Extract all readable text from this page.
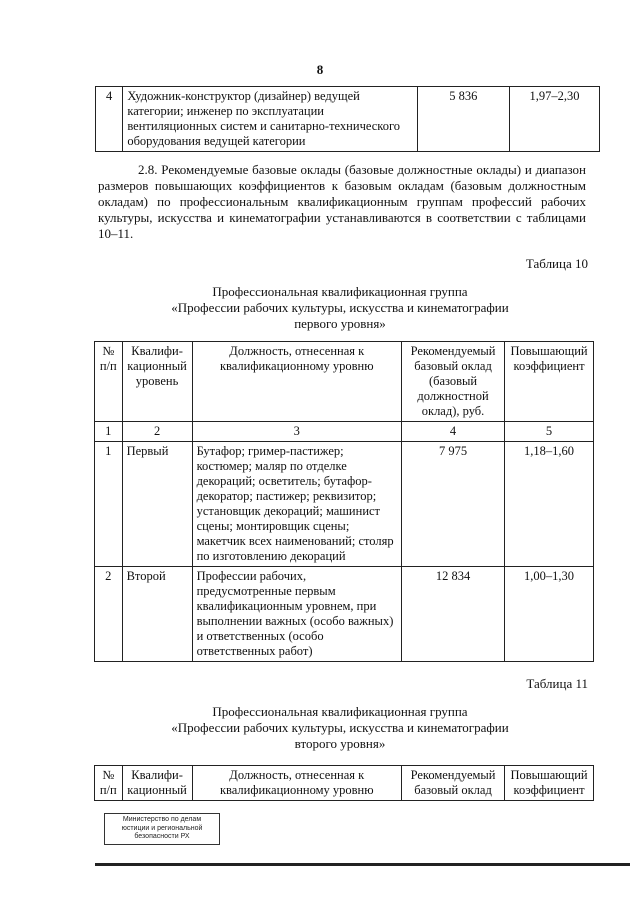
8
4	Художник-конструктор (дизайнер) ведущей категории; инженер по эксплуатации вентиляционных систем и санитарно-технического оборудования ведущей категории	5 836	1,97–2,30

2.8. Рекомендуемые базовые оклады (базовые должностные оклады) и диапазон размеров повышающих коэффициентов к базовым окладам (базовым должностным окладам) по профессиональным квалификационным группам профессий рабочих культуры, искусства и кинематографии устанавливаются в соответствии с таблицами 10–11.

Таблица 10
Профессиональная квалификационная группа
«Профессии рабочих культуры, искусства и кинематографии
первого уровня»
№ п/п	Квалифи-кационный уровень	Должность, отнесенная к квалификационному уровню	Рекомендуемый базовый оклад (базовый должностной оклад), руб.	Повышающий коэффициент
1	2	3	4	5
1	Первый	Бутафор; гример-пастижер; костюмер; маляр по отделке декораций; осветитель; бутафор-декоратор; пастижер; реквизитор; установщик декораций; машинист сцены; монтировщик сцены; макетчик всех наименований; столяр по изготовлению декораций	7 975	1,18–1,60
2	Второй	Профессии рабочих, предусмотренные первым квалификационным уровнем, при выполнении важных (особо важных) и ответственных (особо ответственных работ)	12 834	1,00–1,30
Таблица 11
Профессиональная квалификационная группа
«Профессии рабочих культуры, искусства и кинематографии
второго уровня»
№ п/п	Квалифи-кационный	Должность, отнесенная к квалификационному уровню	Рекомендуемый базовый оклад	Повышающий коэффициент
Министерство по делам
юстиции и региональной
безопасности РХ
